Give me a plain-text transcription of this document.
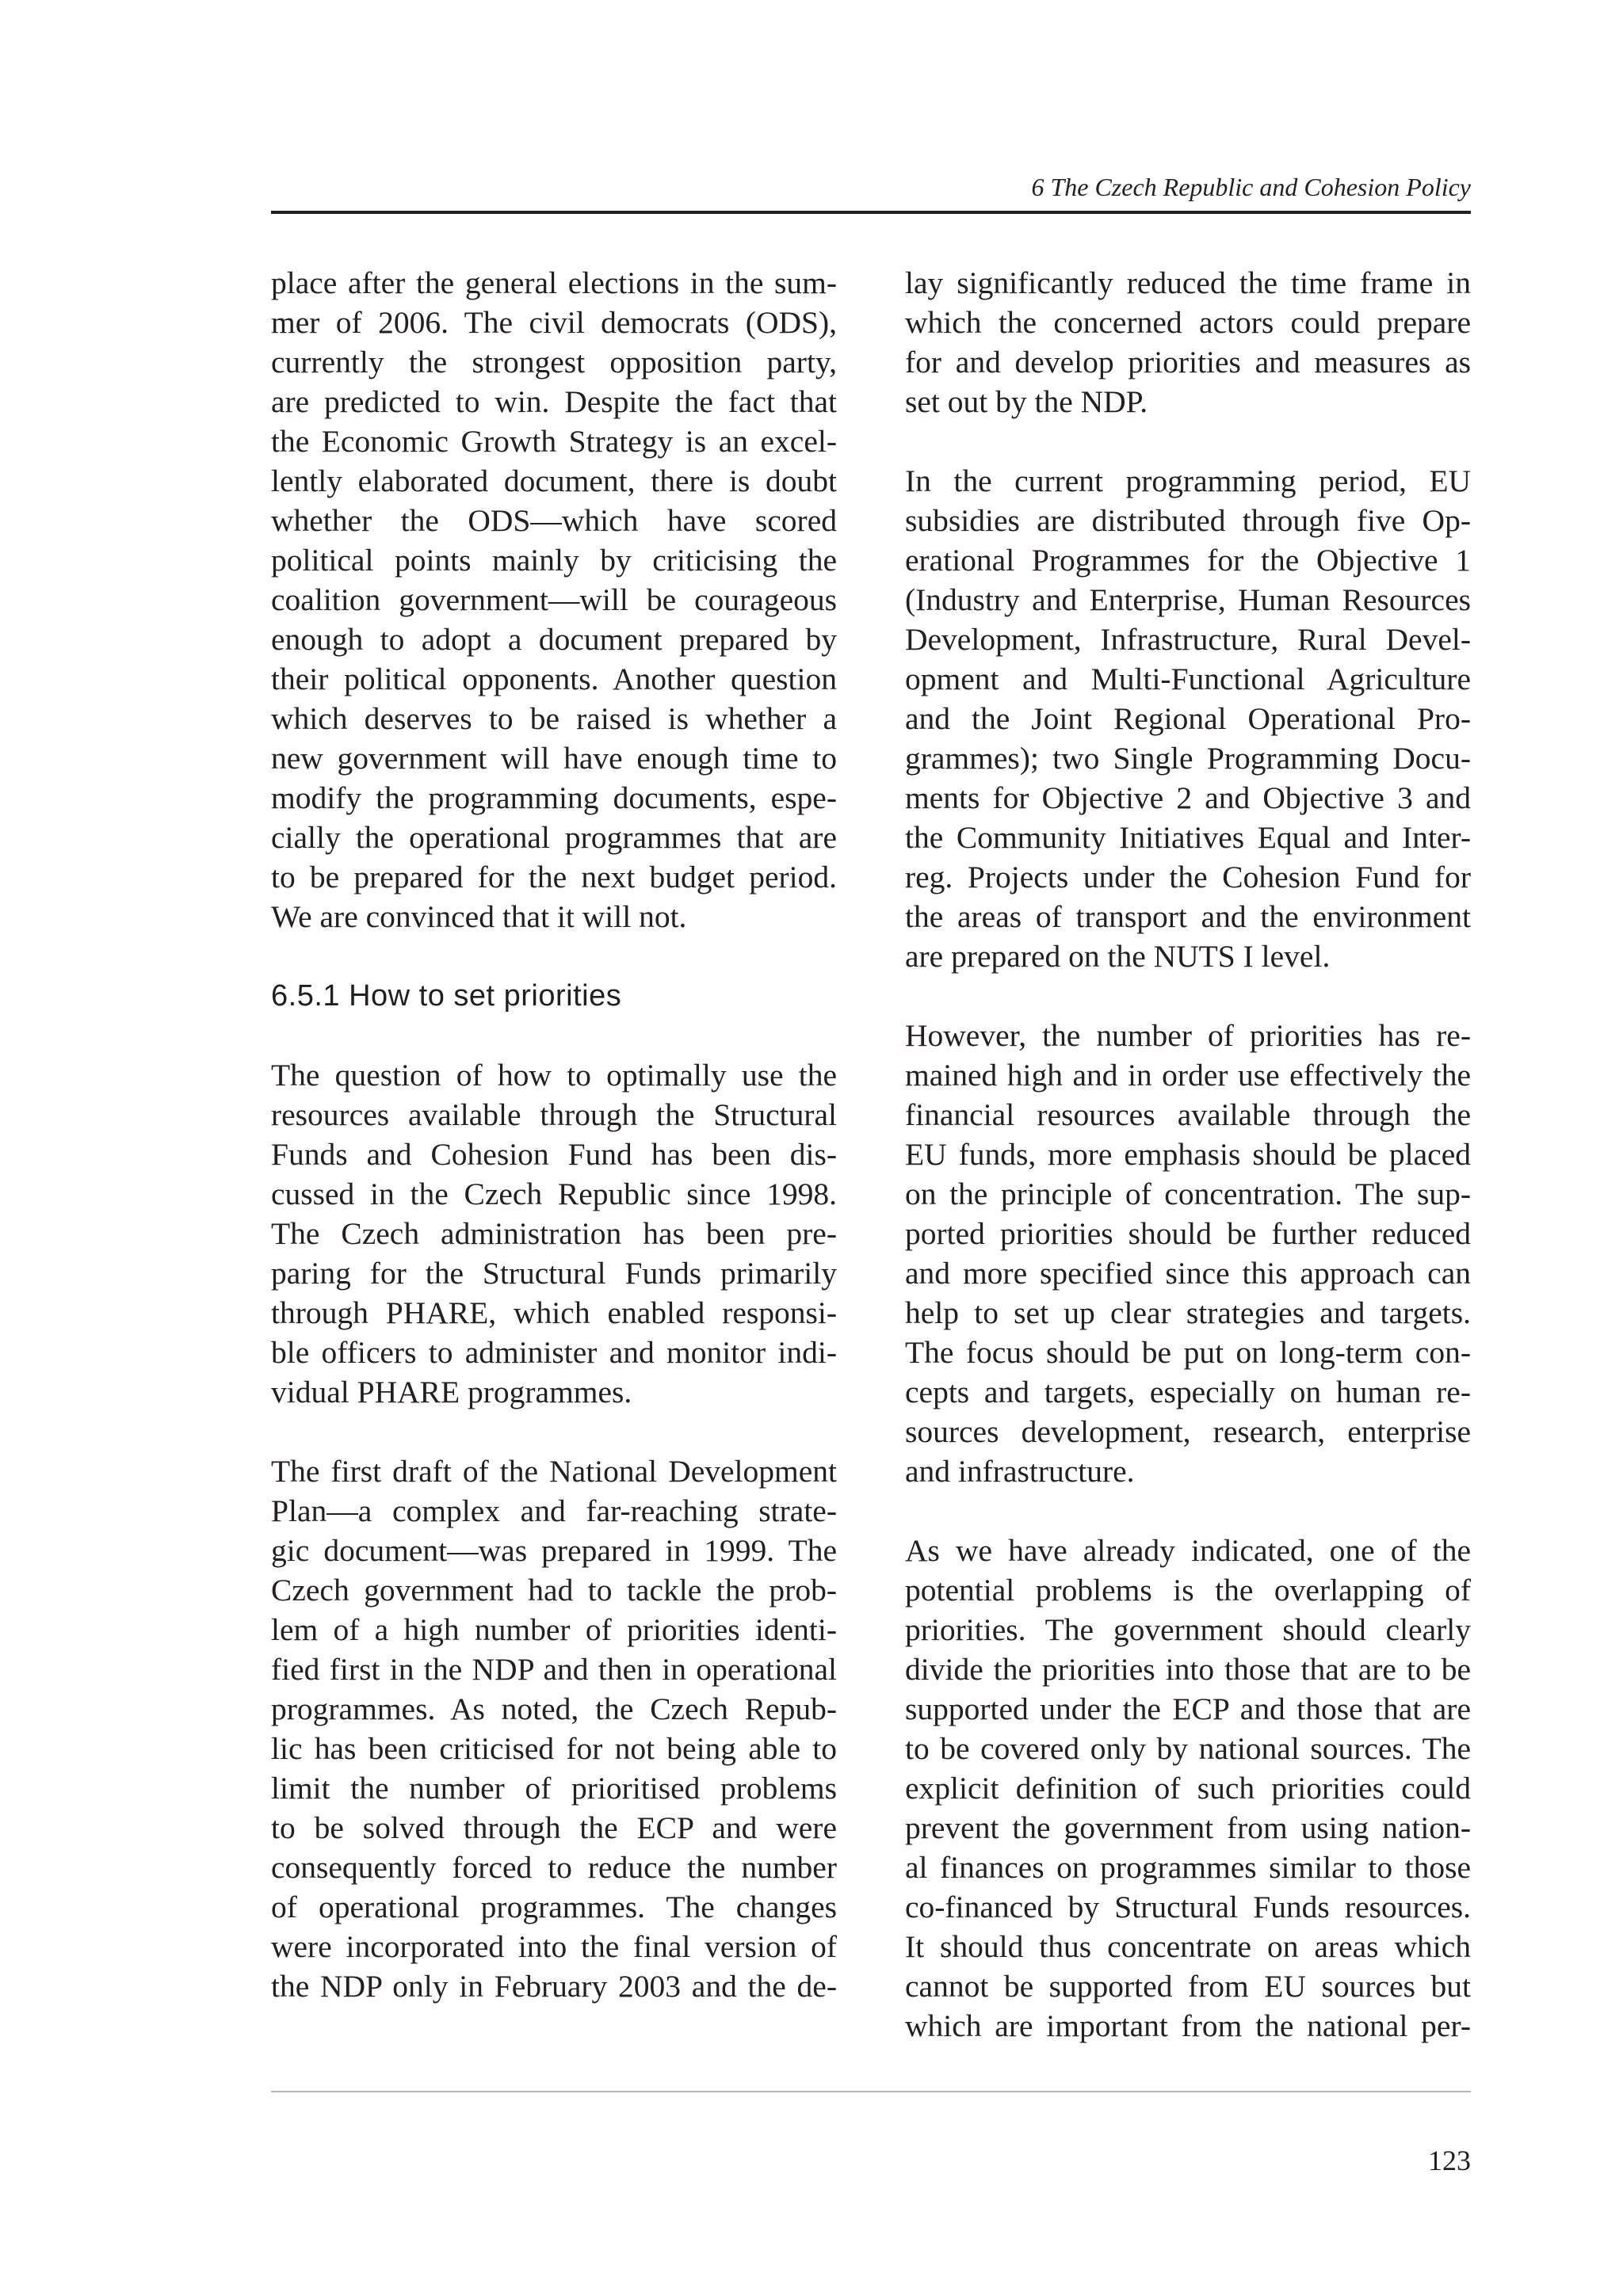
6 The Czech Republic and Cohesion Policy
place after the general elections in the sum-
mer of 2006. The civil democrats (ODS),
currently the strongest opposition party,
are predicted to win. Despite the fact that
the Economic Growth Strategy is an excel-
lently elaborated document, there is doubt
whether the ODS—which have scored
political points mainly by criticising the
coalition government—will be courageous
enough to adopt a document prepared by
their political opponents. Another question
which deserves to be raised is whether a
new government will have enough time to
modify the programming documents, espe-
cially the operational programmes that are
to be prepared for the next budget period.
We are convinced that it will not.
6.5.1 How to set priorities
The question of how to optimally use the
resources available through the Structural
Funds and Cohesion Fund has been dis-
cussed in the Czech Republic since 1998.
The Czech administration has been pre-
paring for the Structural Funds primarily
through PHARE, which enabled responsi-
ble officers to administer and monitor indi-
vidual PHARE programmes.
The first draft of the National Development
Plan—a complex and far-reaching strate-
gic document—was prepared in 1999. The
Czech government had to tackle the prob-
lem of a high number of priorities identi-
fied first in the NDP and then in operational
programmes. As noted, the Czech Repub-
lic has been criticised for not being able to
limit the number of prioritised problems
to be solved through the ECP and were
consequently forced to reduce the number
of operational programmes. The changes
were incorporated into the final version of
the NDP only in February 2003 and the de-
lay significantly reduced the time frame in
which the concerned actors could prepare
for and develop priorities and measures as
set out by the NDP.
In the current programming period, EU
subsidies are distributed through five Op-
erational Programmes for the Objective 1
(Industry and Enterprise, Human Resources
Development, Infrastructure, Rural Devel-
opment and Multi-Functional Agriculture
and the Joint Regional Operational Pro-
grammes); two Single Programming Docu-
ments for Objective 2 and Objective 3 and
the Community Initiatives Equal and Inter-
reg. Projects under the Cohesion Fund for
the areas of transport and the environment
are prepared on the NUTS I level.
However, the number of priorities has re-
mained high and in order use effectively the
financial resources available through the
EU funds, more emphasis should be placed
on the principle of concentration. The sup-
ported priorities should be further reduced
and more specified since this approach can
help to set up clear strategies and targets.
The focus should be put on long-term con-
cepts and targets, especially on human re-
sources development, research, enterprise
and infrastructure.
As we have already indicated, one of the
potential problems is the overlapping of
priorities. The government should clearly
divide the priorities into those that are to be
supported under the ECP and those that are
to be covered only by national sources. The
explicit definition of such priorities could
prevent the government from using nation-
al finances on programmes similar to those
co-financed by Structural Funds resources.
It should thus concentrate on areas which
cannot be supported from EU sources but
which are important from the national per-
123
